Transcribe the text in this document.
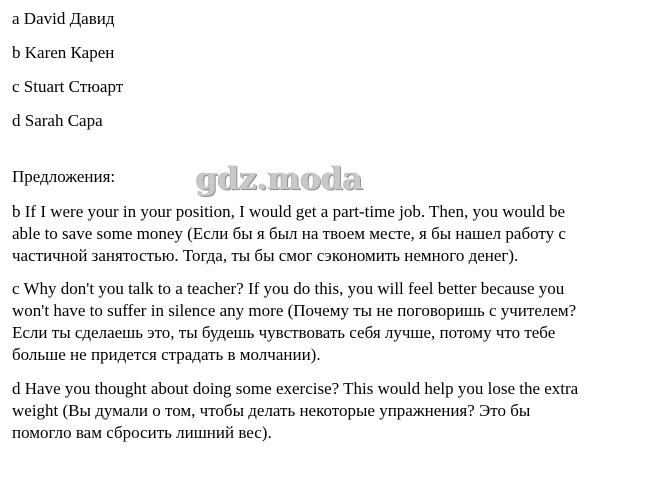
a David Давид
b Karen Карен
c Stuart Стюарт
d Sarah Сара
Предложения:	gdz.moda

b If I were your in your position, I would get a part-time job. Then, you would be

able to save some money (Если бы я был на твоем месте, я бы нашел работу с

частичной занятостью. Тогда, ты бы смог сэкономить немного денег).

c Why don't you talk to a teacher? If you do this, you will feel better because you

won't have to suffer in silence any more (Почему ты не поговоришь с учителем?

Если ты сделаешь это, ты будешь чувствовать себя лучше, потому что тебе

больше не придется страдать в молчании).

d Have you thought about doing some exercise? This would help you lose the extra

weight (Вы думали о том, чтобы делать некоторые упражнения? Это бы

помогло вам сбросить лишний вес).
